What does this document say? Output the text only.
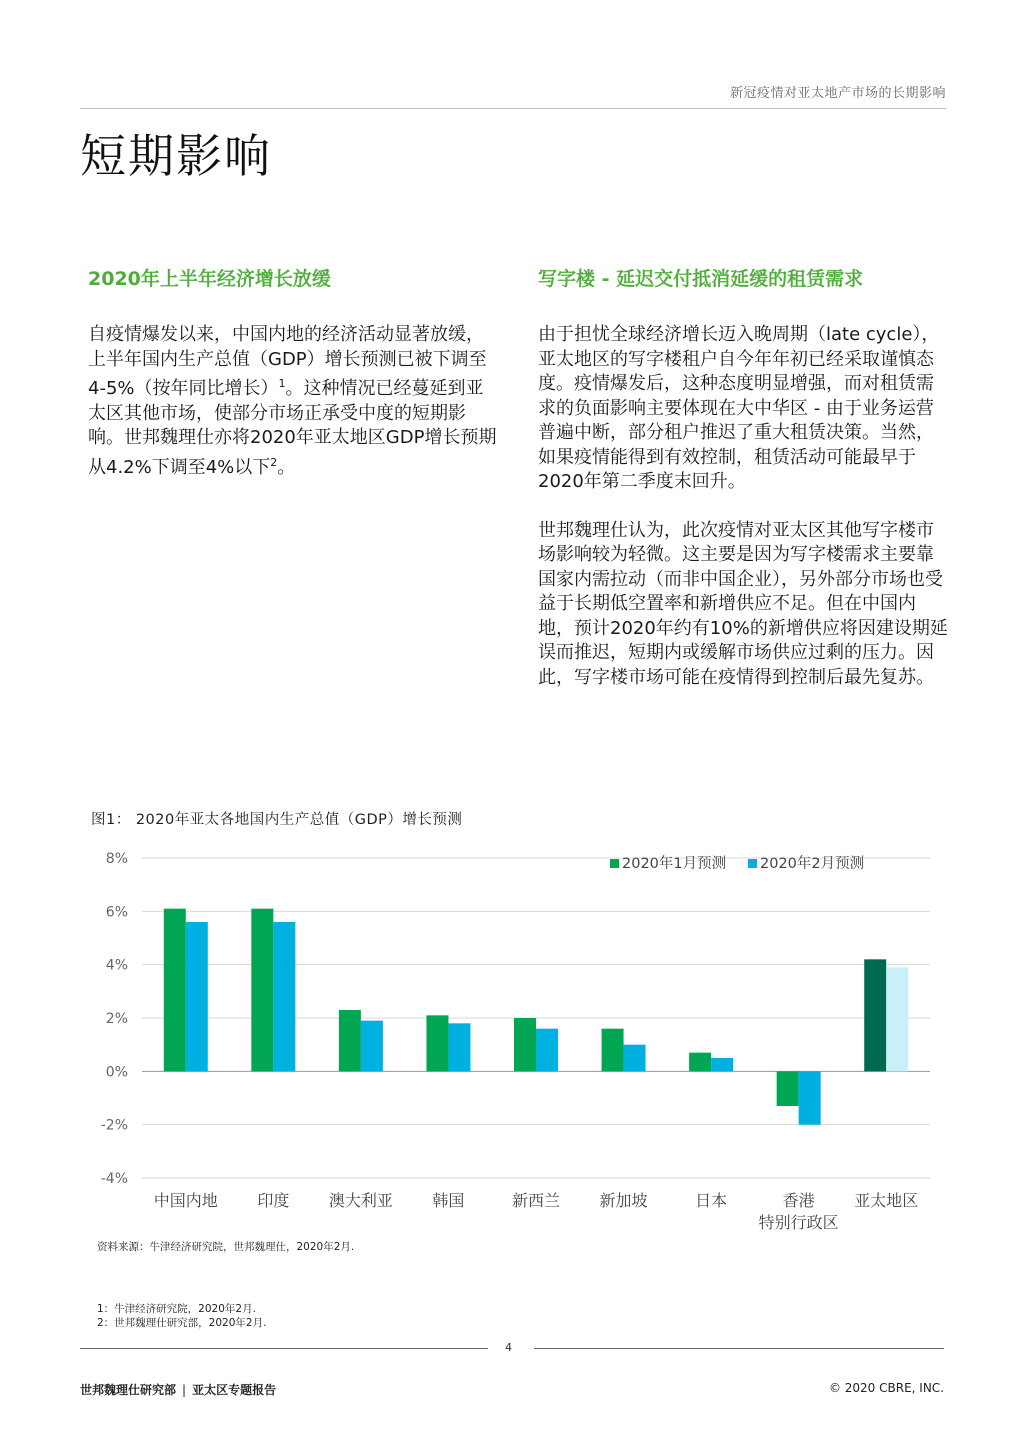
新冠疫情对亚太地产市场的长期影响
短期影响
2020年上半年经济增长放缓

自疫情爆发以来，中国内地的经济活动显著放缓，上半年国内生产总值（GDP）增长预测已被下调至4-5%（按年同比增长）$^1$。这种情况已经蔓延到亚太区其他市场，使部分市场正承受中度的短期影响。世邦魏理仕亦将2020年亚太地区GDP增长预期从4.2%下调至4%以下$^2$。

写字楼 - 延迟交付抵消延缓的租赁需求

由于担忧全球经济增长迈入晚周期（late cycle），亚太地区的写字楼租户自今年年初已经采取谨慎态度。疫情爆发后，这种态度明显增强，而对租赁需求的负面影响主要体现在大中华区 - 由于业务运营普遍中断，部分租户推迟了重大租赁决策。当然，如果疫情能得到有效控制，租赁活动可能最早于2020年第二季度末回升。

世邦魏理仕认为，此次疫情对亚太区其他写字楼市场影响较为轻微。这主要是因为写字楼需求主要靠国家内需拉动（而非中国企业），另外部分市场也受益于长期低空置率和新增供应不足。但在中国内地，预计2020年约有10%的新增供应将因建设期延误而推迟，短期内或缓解市场供应过剩的压力。因此，写字楼市场可能在疫情得到控制后最先复苏。

图1： 2020年亚太各地国内生产总值（GDP）增长预测
-4%
-2%
0%
2%
4%
6%
8%
中国内地 印度 澳大利亚 韩国	新西兰 新加坡	日本	香港
特别行政区
亚太地区
2020年1月预测 2020年2月预测
资料来源：牛津经济研究院，世邦魏理仕，2020年2月.
1：牛津经济研究院，2020年2月.
2：世邦魏理仕研究部，2020年2月.
4
世邦魏理仕研究部 | 亚太区专题报告	© 2020 CBRE, INC.
